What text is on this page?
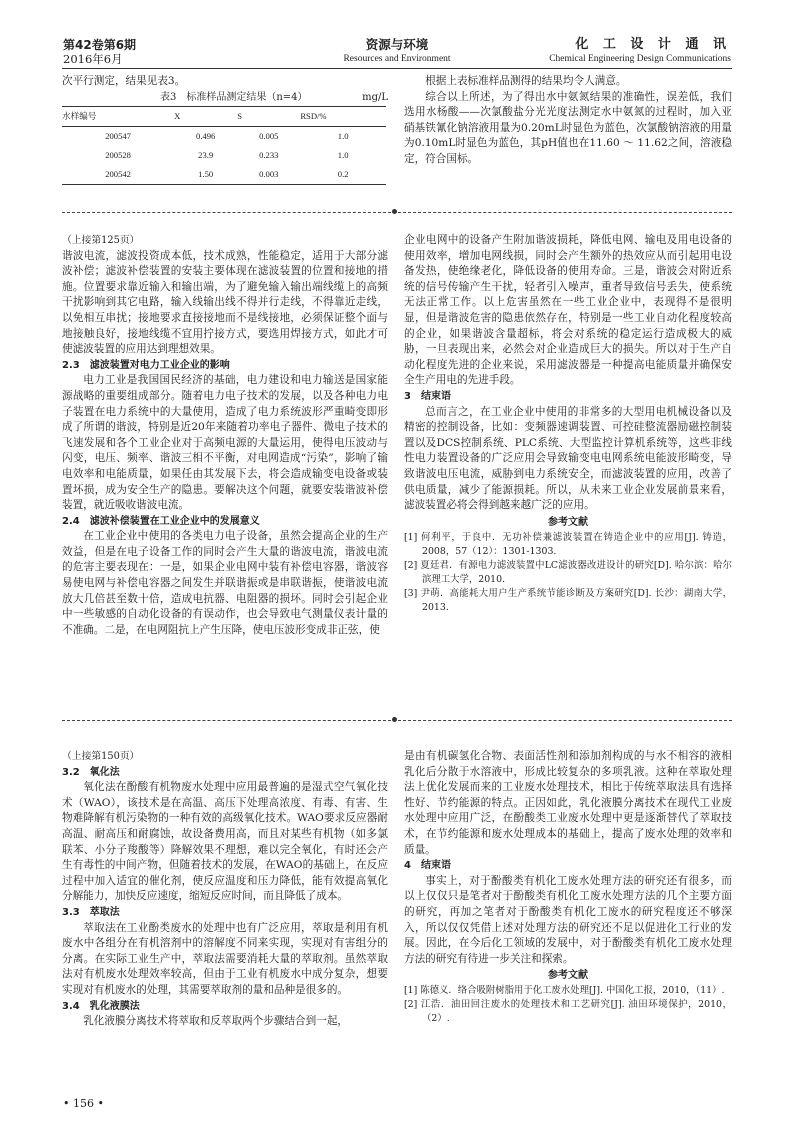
第42卷第6期
2016年6月
资源与环境
Resources and Environment
化 工 设 计 通 讯
Chemical Engineering Design Communications

次平行测定，结果见表3。

表3　标准样品测定结果（n=4）	mg/L
水样编号	X	S	RSD/%
200547	0.496	0.005	1.0
200528	23.9	0.233	1.0
200542	1.50	0.003	0.2

根据上表标准样品测得的结果均令人满意。

综合以上所述，为了得出水中氨氮结果的准确性，误差低，我们选用水杨酸——次氯酸盐分光光度法测定水中氨氮的过程时，加入亚硝基铁氰化钠溶液用量为0.20mL时显色为蓝色，次氯酸钠溶液的用量为0.10mL时显色为蓝色，其pH值也在11.60 ～ 11.62之间，溶液稳定，符合国标。

（上接第125页）

谐波电流，滤波投资成本低，技术成熟，性能稳定，适用于大部分滤波补偿；滤波补偿装置的安装主要体现在滤波装置的位置和接地的措施。位置要求靠近输入和输出端，为了避免输入输出端线缆上的高频干扰影响到其它电路，输入线输出线不得并行走线，不得靠近走线，以免相互串扰；接地要求直接接地而不是线接地，必须保证整个面与地接触良好，接地线缆不宜用拧接方式，要选用焊接方式，如此才可使滤波装置的应用达到理想效果。

2.3　滤波装置对电力工业企业的影响

电力工业是我国国民经济的基础，电力建设和电力输送是国家能源战略的重要组成部分。随着电力电子技术的发展，以及各种电力电子装置在电力系统中的大量使用，造成了电力系统波形严重畸变即形成了所谓的谐波，特别是近20年来随着功率电子器件、微电子技术的飞速发展和各个工业企业对于高频电源的大量运用，使得电压波动与闪变，电压、频率、谐波三相不平衡，对电网造成“污染”，影响了输电效率和电能质量，如果任由其发展下去，将会造成输变电设备或装置坏损，成为安全生产的隐患。要解决这个问题，就要安装谐波补偿装置，就近吸收谐波电流。

2.4　滤波补偿装置在工业企业中的发展意义

在工业企业中使用的各类电力电子设备，虽然会提高企业的生产效益，但是在电子设备工作的同时会产生大量的谐波电流，谐波电流的危害主要表现在：一是，如果企业电网中装有补偿电容器，谐波容易使电网与补偿电容器之间发生并联谐振或是串联谐振，使谐波电流放大几倍甚至数十倍，造成电抗器、电阻器的损坏。同时会引起企业中一些敏感的自动化设备的有误动作，也会导致电气测量仪表计量的不准确。二是，在电网阻抗上产生压降，使电压波形变成非正弦，使

企业电网中的设备产生附加谐波损耗，降低电网、输电及用电设备的使用效率，增加电网线损，同时会产生额外的热效应从而引起用电设备发热，使绝缘老化，降低设备的使用寿命。三是，谐波会对附近系统的信号传输产生干扰，轻者引入噪声，重者导致信号丢失，使系统无法正常工作。以上危害虽然在一些工业企业中，表现得不是很明显，但是谐波危害的隐患依然存在，特别是一些工业自动化程度较高的企业，如果谐波含量超标，将会对系统的稳定运行造成极大的威胁，一旦表现出来，必然会对企业造成巨大的损失。所以对于生产自动化程度先进的企业来说，采用滤波器是一种提高电能质量并确保安全生产用电的先进手段。

3　结束语

总而言之，在工业企业中使用的非常多的大型用电机械设备以及精密的控制设备，比如：变频器速调装置、可控硅整流器励磁控制装置以及DCS控制系统、PLC系统、大型监控计算机系统等，这些非线性电力装置设备的广泛应用会导致输变电电网系统电能波形畸变，导致谐波电压电流，威胁到电力系统安全，而滤波装置的应用，改善了供电质量，减少了能源损耗。所以，从未来工业企业发展前景来看，滤波装置必将会得到越来越广泛的应用。

参考文献

[1] 何利平，于良中．无功补偿兼滤波装置在铸造企业中的应用[J]. 铸造，2008，57（12）：1301-1303.

[2] 夏廷君．有源电力滤波装置中LC滤波器改进设计的研究[D]. 哈尔滨：哈尔滨理工大学，2010.

[3] 尹萌．高能耗大用户生产系统节能诊断及方案研究[D]. 长沙：湖南大学，2013.

（上接第150页）

3.2　氧化法

氧化法在酚酸有机物废水处理中应用最普遍的是湿式空气氧化技术（WAO），该技术是在高温、高压下处理高浓度、有毒、有害、生物难降解有机污染物的一种有效的高级氧化技术。WAO要求反应器耐高温、耐高压和耐腐蚀，故设备费用高，而且对某些有机物（如多氯联苯、小分子羧酸等）降解效果不理想，难以完全氧化，有时还会产生有毒性的中间产物，但随着技术的发展，在WAO的基础上，在反应过程中加入适宜的催化剂，使反应温度和压力降低，能有效提高氧化分解能力，加快反应速度，缩短反应时间，而且降低了成本。

3.3　萃取法

萃取法在工业酚类废水的处理中也有广泛应用，萃取是利用有机废水中各组分在有机溶剂中的溶解度不同来实现，实现对有害组分的分离。在实际工业生产中，萃取法需要消耗大量的萃取剂。虽然萃取法对有机废水处理效率较高，但由于工业有机废水中成分复杂，想要实现对有机废水的处理，其需要萃取剂的量和品种是很多的。

3.4　乳化液膜法

乳化液膜分离技术将萃取和反萃取两个步骤结合到一起，

是由有机碳氢化合物、表面活性剂和添加剂构成的与水不相容的液相乳化后分散于水溶液中，形成比较复杂的多项乳液。这种在萃取处理法上优化发展而来的工业废水处理技术，相比于传统萃取法具有选择性好、节约能源的特点。正因如此，乳化液膜分离技术在现代工业废水处理中应用广泛，在酚酸类工业废水处理中更是逐渐替代了萃取技术，在节约能源和废水处理成本的基础上，提高了废水处理的效率和质量。

4　结束语

事实上，对于酚酸类有机化工废水处理方法的研究还有很多，而以上仅仅只是笔者对于酚酸类有机化工废水处理方法的几个主要方面的研究，再加之笔者对于酚酸类有机化工废水的研究程度还不够深入，所以仅仅凭借上述对处理方法的研究还不足以促进化工行业的发展。因此，在今后化工领域的发展中，对于酚酸类有机化工废水处理方法的研究有待进一步关注和探索。

参考文献

[1] 陈德义．络合吸附树脂用于化工废水处理[J]. 中国化工报，2010，（11）.

[2] 江浩．油田回注废水的处理技术和工艺研究[J]. 油田环境保护，2010，（2）.

• 156 •
